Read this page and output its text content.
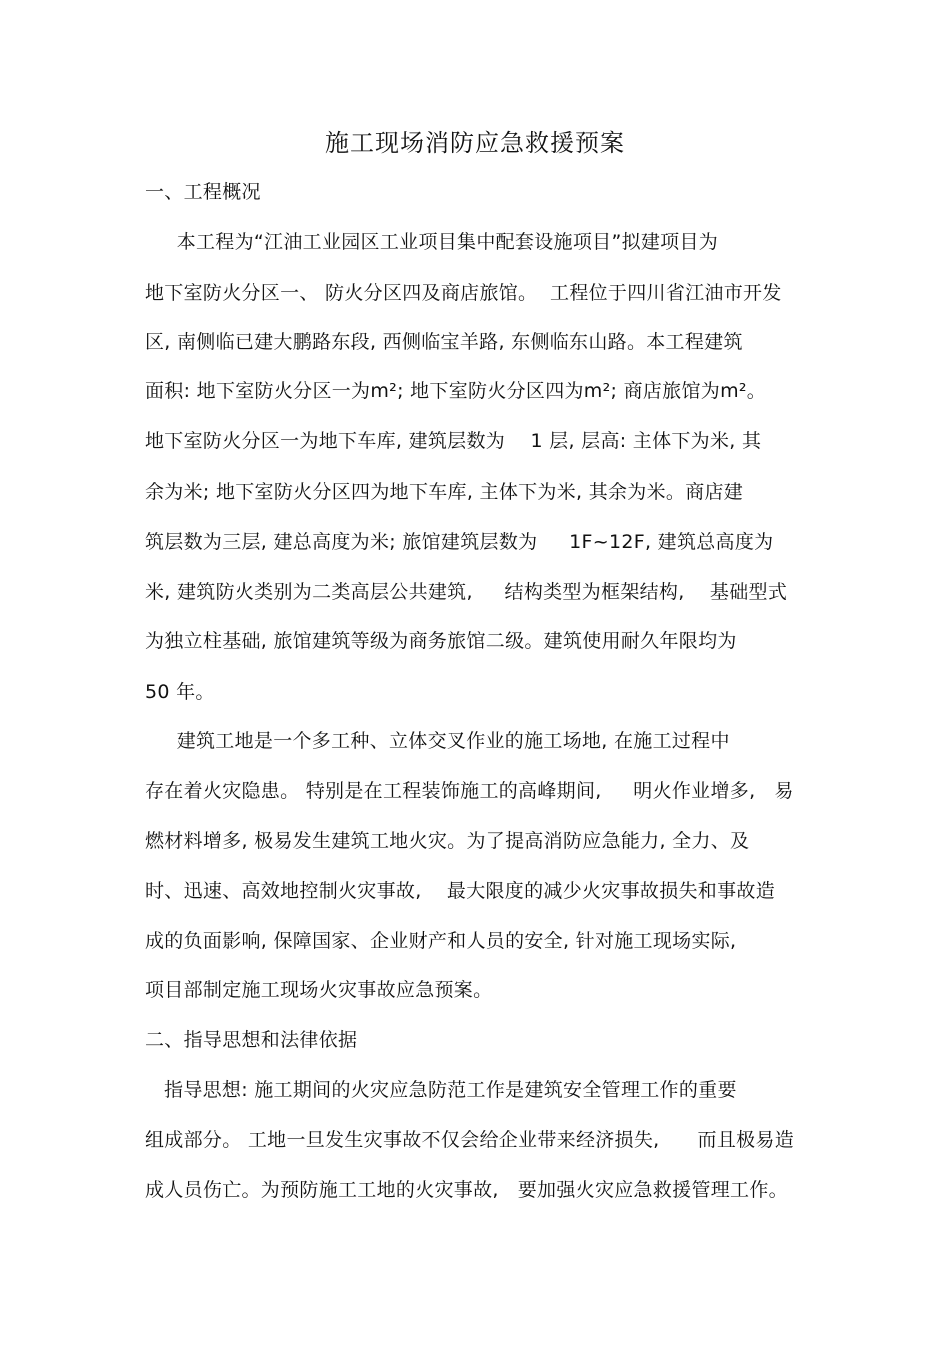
施工现场消防应急救援预案
一、工程概况
本工程为“江油工业园区工业项目集中配套设施项目”拟建项目为
地下室防火分区一、 防火分区四及商店旅馆。  工程位于四川省江油市开发
区, 南侧临已建大鹏路东段, 西侧临宝羊路, 东侧临东山路。本工程建筑
面积: 地下室防火分区一为m²; 地下室防火分区四为m²; 商店旅馆为m²。
地下室防火分区一为地下车库, 建筑层数为    1 层, 层高: 主体下为米, 其
余为米; 地下室防火分区四为地下车库, 主体下为米, 其余为米。商店建
筑层数为三层, 建总高度为米; 旅馆建筑层数为     1F~12F, 建筑总高度为
米, 建筑防火类别为二类高层公共建筑,     结构类型为框架结构,    基础型式
为独立柱基础, 旅馆建筑等级为商务旅馆二级。建筑使用耐久年限均为
50 年。
建筑工地是一个多工种、立体交叉作业的施工场地, 在施工过程中
存在着火灾隐患。 特别是在工程装饰施工的高峰期间,     明火作业增多,   易
燃材料增多, 极易发生建筑工地火灾。为了提高消防应急能力, 全力、及
时、迅速、高效地控制火灾事故,    最大限度的减少火灾事故损失和事故造
成的负面影响, 保障国家、企业财产和人员的安全, 针对施工现场实际,
项目部制定施工现场火灾事故应急预案。
二、指导思想和法律依据
指导思想: 施工期间的火灾应急防范工作是建筑安全管理工作的重要
组成部分。 工地一旦发生灾事故不仅会给企业带来经济损失,      而且极易造
成人员伤亡。为预防施工工地的火灾事故,   要加强火灾应急救援管理工作。
